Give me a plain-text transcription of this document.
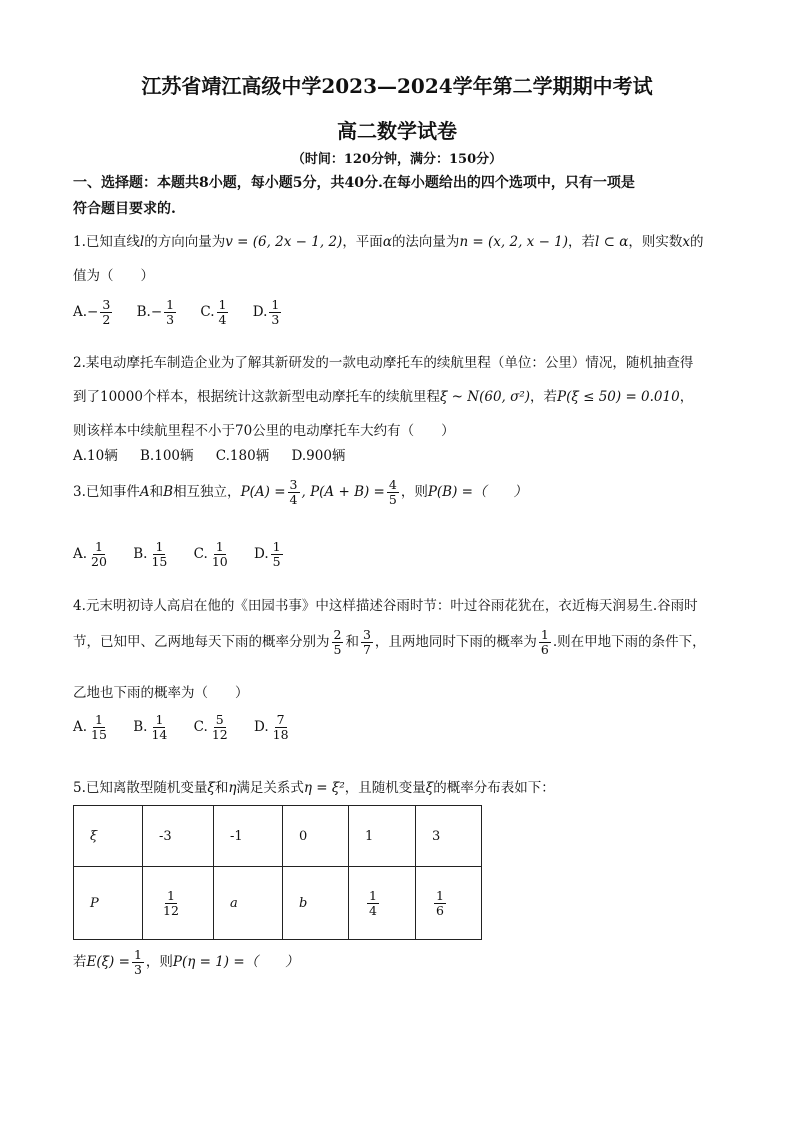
江苏省靖江高级中学2023—2024学年第二学期期中考试
高二数学试卷
（时间：120分钟，满分：150分）
一、选择题：本题共8小题，每小题5分，共40分.在每小题给出的四个选项中，只有一项是
符合题目要求的.
1.已知直线l的方向向量为v = (6, 2x − 1, 2)，平面α的法向量为n = (x, 2, x − 1)，若l ⊂ α，则实数x的
值为（　　）
$A.- \frac{3}{2} B.- \frac{1}{3} C$. $\frac{1}{4} D$. $\frac{1}{3}$
2.某电动摩托车制造企业为了解其新研发的一款电动摩托车的续航里程（单位：公里）情况，随机抽查得
到了10000个样本，根据统计这款新型电动摩托车的续航里程ξ ~ N(60, σ²)，若P(ξ ≤ 50) = 0.010，
则该样本中续航里程不小于70公里的电动摩托车大约有（　　）
A.10辆 B.100辆 C.180辆 D.900辆
3.已知事件A和B相互独立，$P(A) = \frac{3}{4}$ , $P(A + B) = \frac{4}{5}$ ，则P(B) =（　　）
A. $\frac{1}{20} B$. $\frac{1}{15} C$. $\frac{1}{10} D$. $\frac{1}{5}$
4.元末明初诗人高启在他的《田园书事》中这样描述谷雨时节：叶过谷雨花犹在，衣近梅天润易生.谷雨时
节，已知甲、乙两地每天下雨的概率分别为 $\frac{2}{5}$ 和 $\frac{3}{7}$ ，且两地同时下雨的概率为 $\frac{1}{6}$ .则在甲地下雨的条件下，
乙地也下雨的概率为（　　）
A. $\frac{1}{15} B$. $\frac{1}{14} C$. $\frac{5}{12} D$. $\frac{7}{18}$
5.已知离散型随机变量ξ和η满足关系式η = ξ²，且随机变量ξ的概率分布表如下：
ξ	-3	-1	0	1	3
P	$\frac{1}{12}$	a	b	$\frac{1}{4}$	$\frac{1}{6}$
若$E(\xi) = \frac{1}{3}$ ，则P(η = 1) =（　　）
